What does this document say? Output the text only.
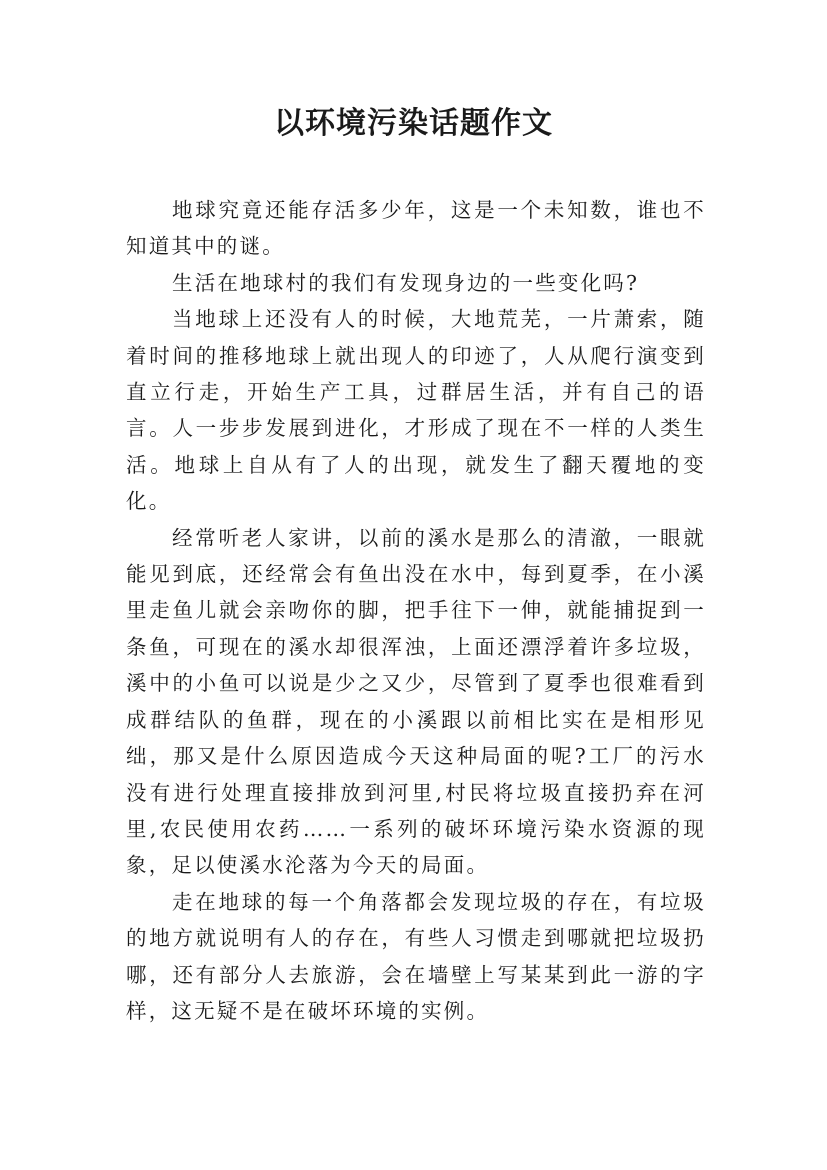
以环境污染话题作文

地球究竟还能存活多少年，这是一个未知数，谁也不知道其中的谜。

生活在地球村的我们有发现身边的一些变化吗?

当地球上还没有人的时候，大地荒芜，一片萧索，随着时间的推移地球上就出现人的印迹了，人从爬行演变到直立行走，开始生产工具，过群居生活，并有自己的语言。人一步步发展到进化，才形成了现在不一样的人类生活。地球上自从有了人的出现，就发生了翻天覆地的变化。

经常听老人家讲，以前的溪水是那么的清澈，一眼就能见到底，还经常会有鱼出没在水中，每到夏季，在小溪里走鱼儿就会亲吻你的脚，把手往下一伸，就能捕捉到一条鱼，可现在的溪水却很浑浊，上面还漂浮着许多垃圾，溪中的小鱼可以说是少之又少，尽管到了夏季也很难看到成群结队的鱼群，现在的小溪跟以前相比实在是相形见绌，那又是什么原因造成今天这种局面的呢?工厂的污水没有进行处理直接排放到河里,村民将垃圾直接扔弃在河里,农民使用农药……一系列的破坏环境污染水资源的现象，足以使溪水沦落为今天的局面。

走在地球的每一个角落都会发现垃圾的存在，有垃圾的地方就说明有人的存在，有些人习惯走到哪就把垃圾扔哪，还有部分人去旅游，会在墙壁上写某某到此一游的字样，这无疑不是在破坏环境的实例。
